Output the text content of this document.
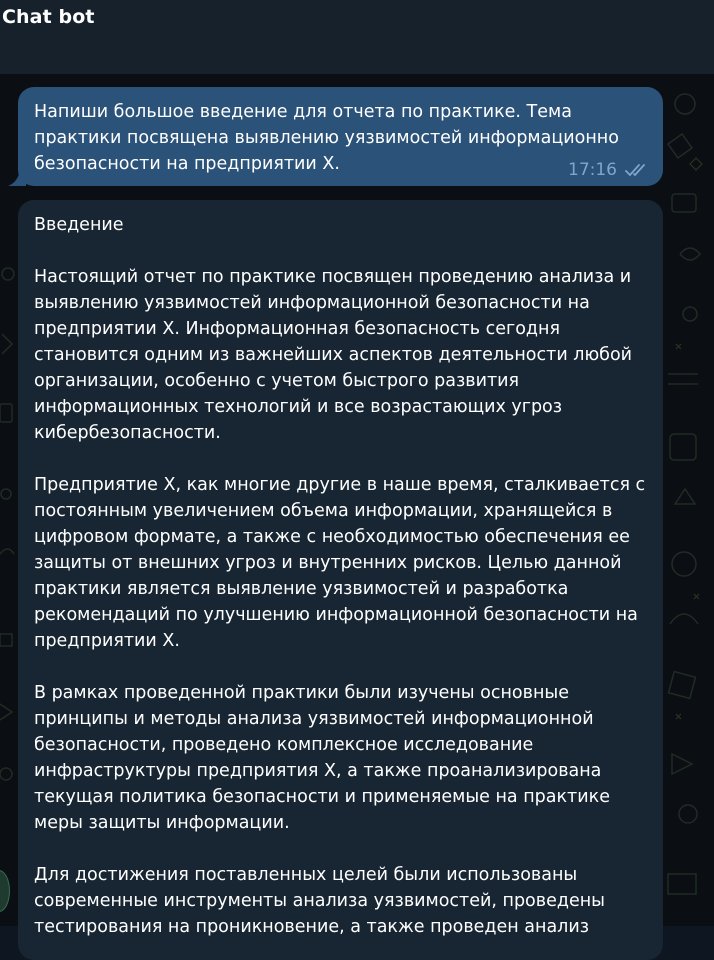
Chat bot

Напиши большое введение для отчета по практике. Тема практики посвящена выявлению уязвимостей информационно безопасности на предприятии X.	17:16

Введение

Настоящий отчет по практике посвящен проведению анализа и выявлению уязвимостей информационной безопасности на предприятии X. Информационная безопасность сегодня становится одним из важнейших аспектов деятельности любой организации, особенно с учетом быстрого развития информационных технологий и все возрастающих угроз кибербезопасности.

Предприятие X, как многие другие в наше время, сталкивается с постоянным увеличением объема информации, хранящейся в цифровом формате, а также с необходимостью обеспечения ее защиты от внешних угроз и внутренних рисков. Целью данной практики является выявление уязвимостей и разработка рекомендаций по улучшению информационной безопасности на предприятии X.

В рамках проведенной практики были изучены основные принципы и методы анализа уязвимостей информационной безопасности, проведено комплексное исследование инфраструктуры предприятия X, а также проанализирована текущая политика безопасности и применяемые на практике меры защиты информации.

Для достижения поставленных целей были использованы современные инструменты анализа уязвимостей, проведены тестирования на проникновение, а также проведен анализ
